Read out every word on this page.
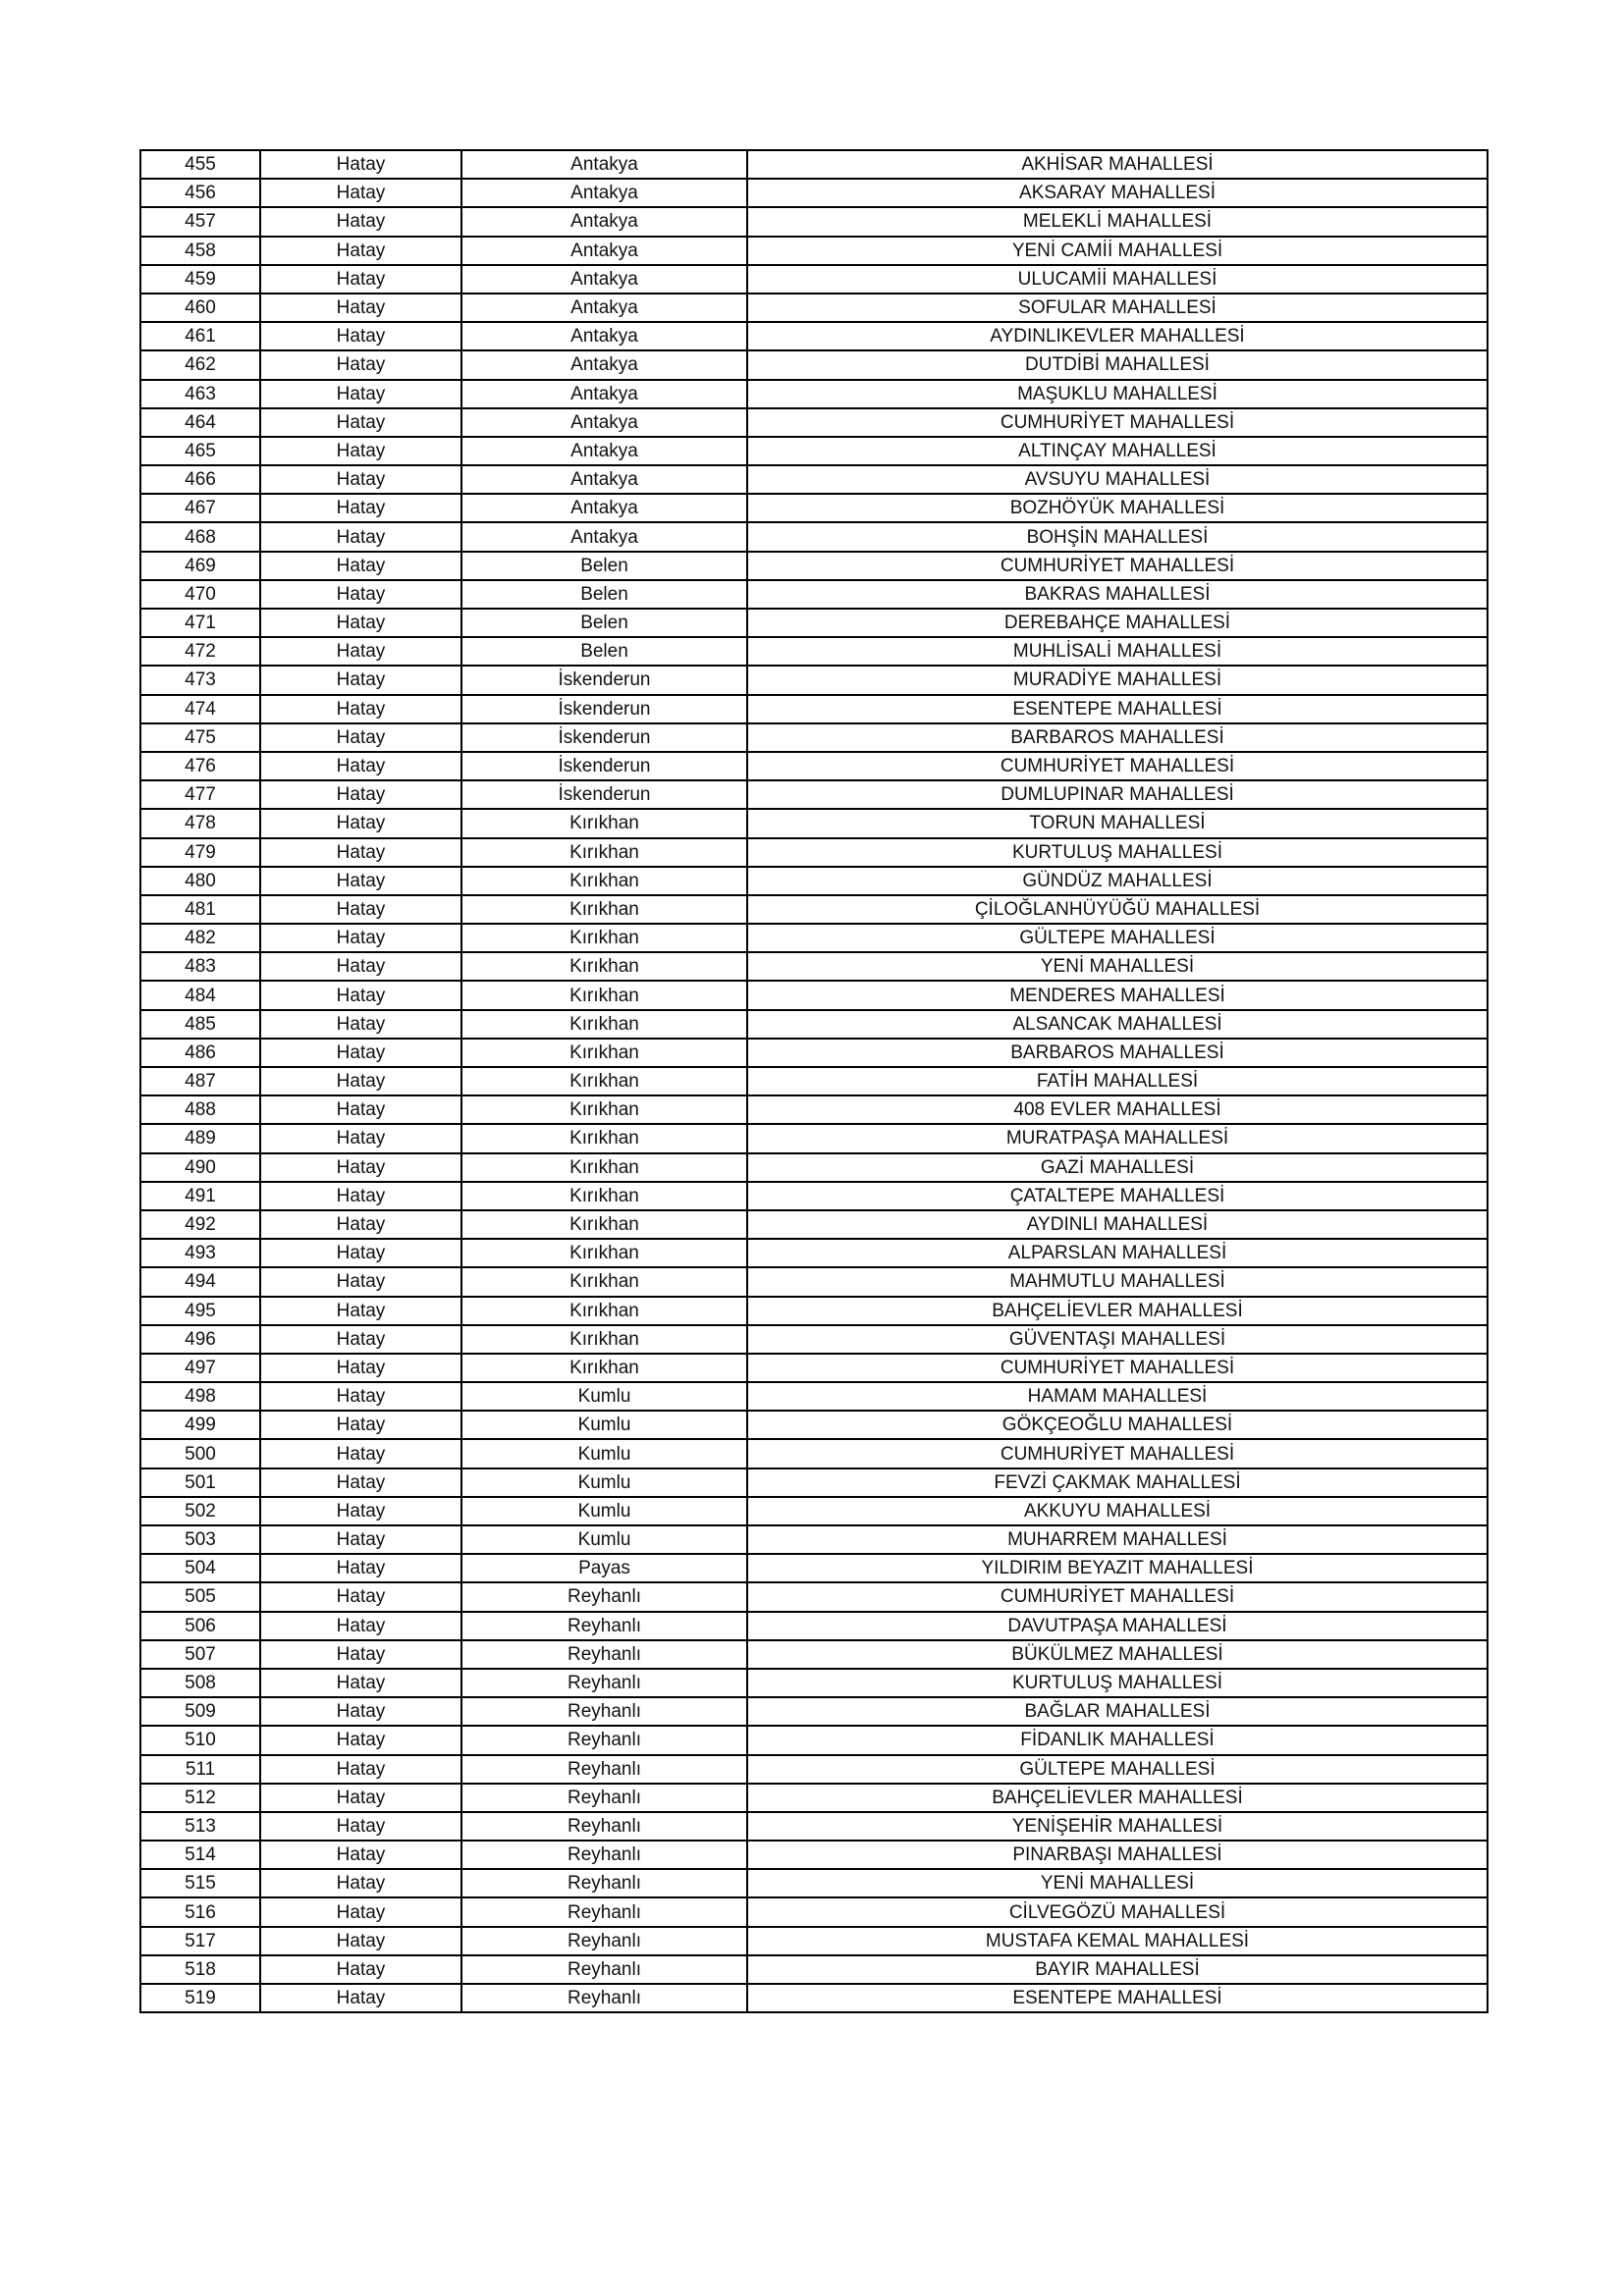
455	Hatay	Antakya	AKHİSAR MAHALLESİ
456	Hatay	Antakya	AKSARAY MAHALLESİ
457	Hatay	Antakya	MELEKLİ MAHALLESİ
458	Hatay	Antakya	YENİ CAMİİ MAHALLESİ
459	Hatay	Antakya	ULUCAMİİ MAHALLESİ
460	Hatay	Antakya	SOFULAR MAHALLESİ
461	Hatay	Antakya	AYDINLIKEVLER MAHALLESİ
462	Hatay	Antakya	DUTDİBİ MAHALLESİ
463	Hatay	Antakya	MAŞUKLU MAHALLESİ
464	Hatay	Antakya	CUMHURİYET MAHALLESİ
465	Hatay	Antakya	ALTINÇAY MAHALLESİ
466	Hatay	Antakya	AVSUYU MAHALLESİ
467	Hatay	Antakya	BOZHÖYÜK MAHALLESİ
468	Hatay	Antakya	BOHŞİN MAHALLESİ
469	Hatay	Belen	CUMHURİYET MAHALLESİ
470	Hatay	Belen	BAKRAS MAHALLESİ
471	Hatay	Belen	DEREBAHÇE MAHALLESİ
472	Hatay	Belen	MUHLİSALİ MAHALLESİ
473	Hatay	İskenderun	MURADİYE MAHALLESİ
474	Hatay	İskenderun	ESENTEPE MAHALLESİ
475	Hatay	İskenderun	BARBAROS MAHALLESİ
476	Hatay	İskenderun	CUMHURİYET MAHALLESİ
477	Hatay	İskenderun	DUMLUPINAR MAHALLESİ
478	Hatay	Kırıkhan	TORUN MAHALLESİ
479	Hatay	Kırıkhan	KURTULUŞ MAHALLESİ
480	Hatay	Kırıkhan	GÜNDÜZ MAHALLESİ
481	Hatay	Kırıkhan	ÇİLOĞLANHÜYÜĞÜ MAHALLESİ
482	Hatay	Kırıkhan	GÜLTEPE MAHALLESİ
483	Hatay	Kırıkhan	YENİ MAHALLESİ
484	Hatay	Kırıkhan	MENDERES MAHALLESİ
485	Hatay	Kırıkhan	ALSANCAK MAHALLESİ
486	Hatay	Kırıkhan	BARBAROS MAHALLESİ
487	Hatay	Kırıkhan	FATİH MAHALLESİ
488	Hatay	Kırıkhan	408 EVLER MAHALLESİ
489	Hatay	Kırıkhan	MURATPAŞA MAHALLESİ
490	Hatay	Kırıkhan	GAZİ MAHALLESİ
491	Hatay	Kırıkhan	ÇATALTEPE MAHALLESİ
492	Hatay	Kırıkhan	AYDINLI MAHALLESİ
493	Hatay	Kırıkhan	ALPARSLAN MAHALLESİ
494	Hatay	Kırıkhan	MAHMUTLU MAHALLESİ
495	Hatay	Kırıkhan	BAHÇELİEVLER MAHALLESİ
496	Hatay	Kırıkhan	GÜVENTAŞI MAHALLESİ
497	Hatay	Kırıkhan	CUMHURİYET MAHALLESİ
498	Hatay	Kumlu	HAMAM MAHALLESİ
499	Hatay	Kumlu	GÖKÇEOĞLU MAHALLESİ
500	Hatay	Kumlu	CUMHURİYET MAHALLESİ
501	Hatay	Kumlu	FEVZİ ÇAKMAK MAHALLESİ
502	Hatay	Kumlu	AKKUYU MAHALLESİ
503	Hatay	Kumlu	MUHARREM MAHALLESİ
504	Hatay	Payas	YILDIRIM BEYAZIT MAHALLESİ
505	Hatay	Reyhanlı	CUMHURİYET MAHALLESİ
506	Hatay	Reyhanlı	DAVUTPAŞA MAHALLESİ
507	Hatay	Reyhanlı	BÜKÜLMEZ MAHALLESİ
508	Hatay	Reyhanlı	KURTULUŞ MAHALLESİ
509	Hatay	Reyhanlı	BAĞLAR MAHALLESİ
510	Hatay	Reyhanlı	FİDANLIK MAHALLESİ
511	Hatay	Reyhanlı	GÜLTEPE MAHALLESİ
512	Hatay	Reyhanlı	BAHÇELİEVLER MAHALLESİ
513	Hatay	Reyhanlı	YENİŞEHİR MAHALLESİ
514	Hatay	Reyhanlı	PINARBAŞI MAHALLESİ
515	Hatay	Reyhanlı	YENİ MAHALLESİ
516	Hatay	Reyhanlı	CİLVEGÖZÜ MAHALLESİ
517	Hatay	Reyhanlı	MUSTAFA KEMAL MAHALLESİ
518	Hatay	Reyhanlı	BAYIR MAHALLESİ
519	Hatay	Reyhanlı	ESENTEPE MAHALLESİ
